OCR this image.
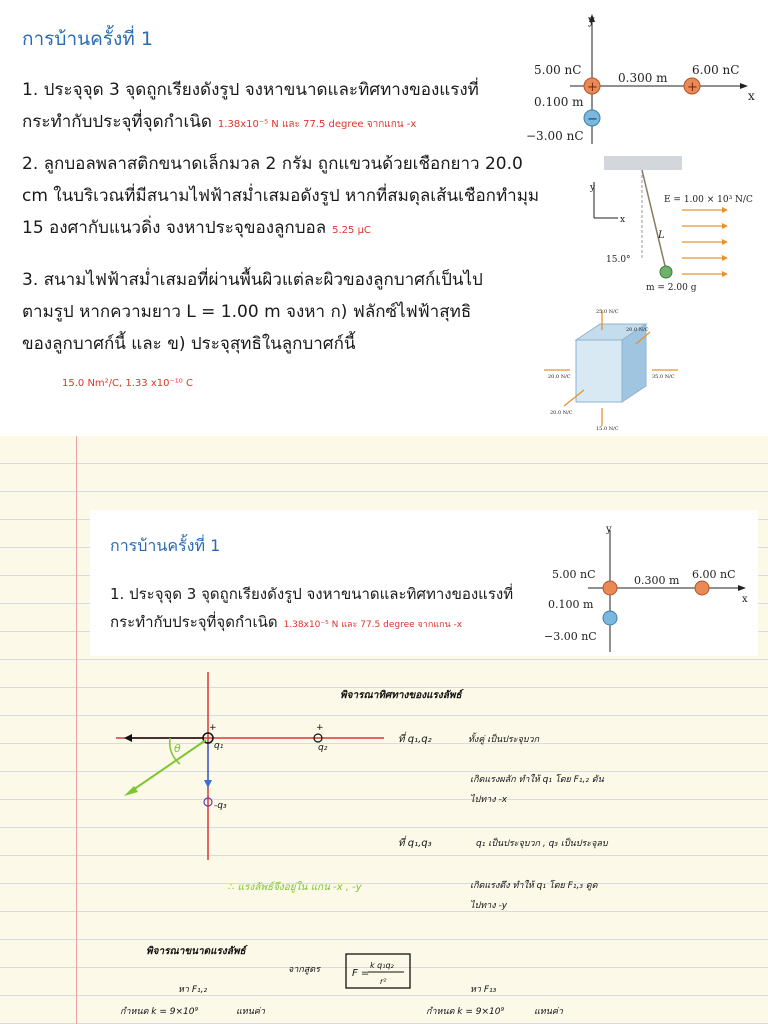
การบ้านครั้งที่ 1
1. ประจุจุด 3 จุดถูกเรียงดังรูป จงหาขนาดและทิศทางของแรงที่
กระทำกับประจุที่จุดกำเนิด 1.38x10⁻⁵ N และ 77.5 degree จากแกน -x
2. ลูกบอลพลาสติกขนาดเล็กมวล 2 กรัม ถูกแขวนด้วยเชือกยาว 20.0
cm ในบริเวณที่มีสนามไฟฟ้าสม่ำเสมอดังรูป หากที่สมดุลเส้นเชือกทำมุม
15 องศากับแนวดิ่ง จงหาประจุของลูกบอล 5.25 μC
3. สนามไฟฟ้าสม่ำเสมอที่ผ่านพื้นผิวแต่ละผิวของลูกบาศก์เป็นไป
ตามรูป หากความยาว L = 1.00 m จงหา ก) ฟลักซ์ไฟฟ้าสุทธิ
ของลูกบาศก์นี้ และ ข) ประจุสุทธิในลูกบาศก์นี้
15.0 Nm²/C, 1.33 x10⁻¹⁰ C
y
x
+	+
−
5.00 nC	6.00 nC
0.300 m
0.100 m
−3.00 nC
y
x
E = 1.00 × 10³ N/C
L
15.0°
m = 2.00 g
25.0 N/C
20.0 N/C
20.0 N/C	35.0 N/C
20.0 N/C
15.0 N/C
การบ้านครั้งที่ 1
1. ประจุจุด 3 จุดถูกเรียงดังรูป จงหาขนาดและทิศทางของแรงที่
กระทำกับประจุที่จุดกำเนิด 1.38x10⁻⁵ N และ 77.5 degree จากแกน -x
y
x
5.00 nC	6.00 nC
0.300 m
0.100 m
−3.00 nC
พิจารณาทิศทางของแรงลัพธ์
+
q₁
+
q₂
-q₃
θ
ที่ q₁,q₂	ทั้งคู่ เป็นประจุบวก
เกิดแรงผลัก ทำให้ q₁ โดย F₁,₂ ดัน
ไปทาง -x
ที่ q₁,q₃	q₁ เป็นประจุบวก , q₃ เป็นประจุลบ
เกิดแรงดึง ทำให้ q₁ โดย F₁,₃ ดูด
ไปทาง -y
∴ แรงลัพธ์จึงอยู่ใน แกน -x , -y
พิจารณาขนาดแรงลัพธ์
จากสูตร	F =
k q₁q₂
r²
หา F₁,₂	หา F₁₃
กำหนด k = 9×10⁹	แทนค่า	กำหนด k = 9×10⁹	แทนค่า
